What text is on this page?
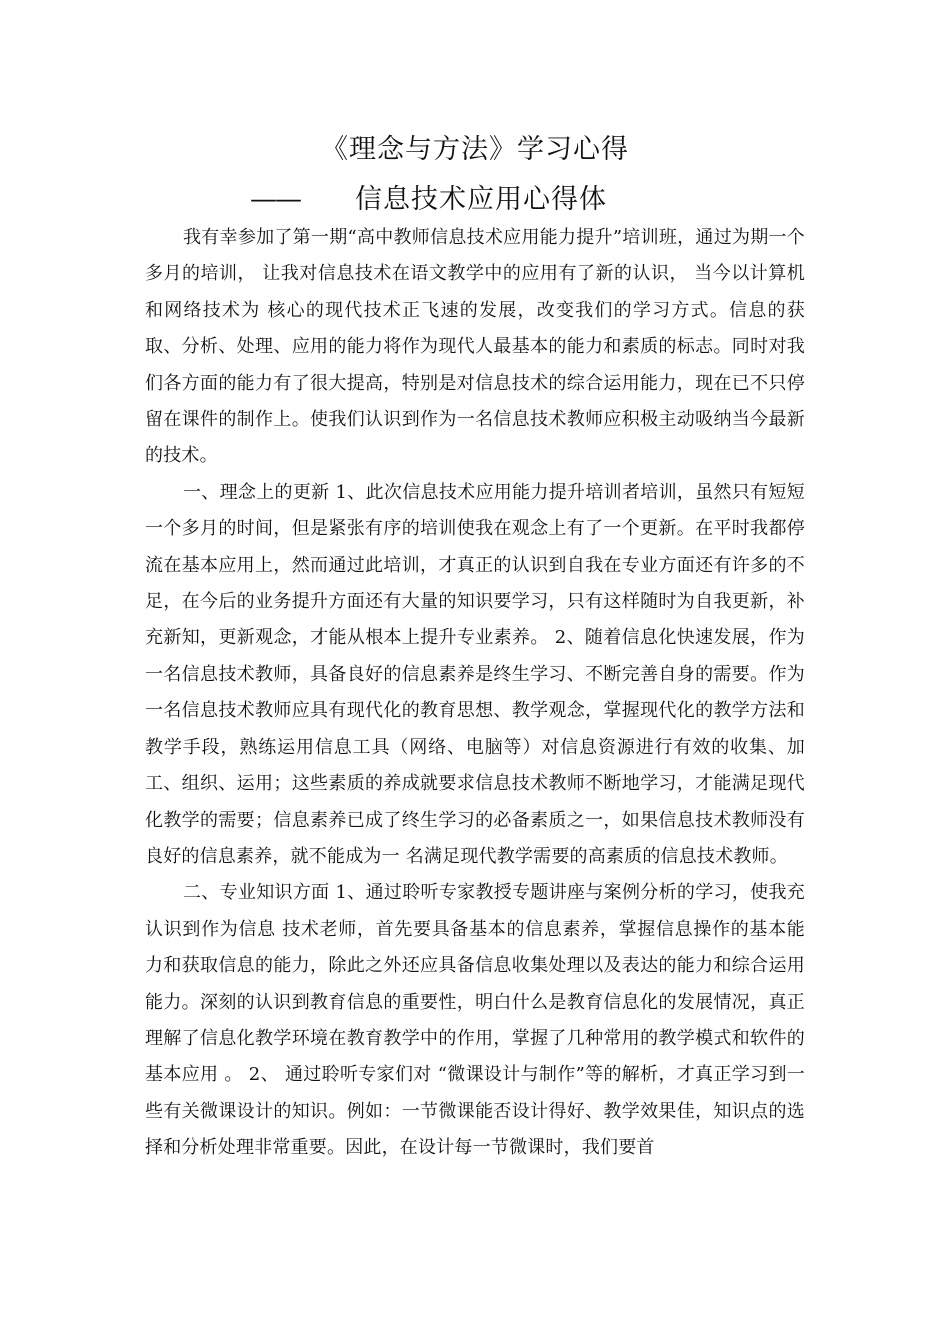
《理念与方法》学习心得
—— 信息技术应用心得体

我有幸参加了第一期“高中教师信息技术应用能力提升”培训班，通过为期一个多月的培训， 让我对信息技术在语文教学中的应用有了新的认识， 当今以计算机和网络技术为 核心的现代技术正飞速的发展，改变我们的学习方式。信息的获取、分析、处理、应用的能力将作为现代人最基本的能力和素质的标志。同时对我们各方面的能力有了很大提高，特别是对信息技术的综合运用能力，现在已不只停留在课件的制作上。使我们认识到作为一名信息技术教师应积极主动吸纳当今最新的技术。

一、理念上的更新 1、此次信息技术应用能力提升培训者培训，虽然只有短短一个多月的时间，但是紧张有序的培训使我在观念上有了一个更新。在平时我都停流在基本应用上，然而通过此培训，才真正的认识到自我在专业方面还有许多的不足，在今后的业务提升方面还有大量的知识要学习，只有这样随时为自我更新，补充新知，更新观念，才能从根本上提升专业素养。 2、随着信息化快速发展，作为一名信息技术教师，具备良好的信息素养是终生学习、不断完善自身的需要。作为一名信息技术教师应具有现代化的教育思想、教学观念，掌握现代化的教学方法和 教学手段，熟练运用信息工具（网络、电脑等）对信息资源进行有效的收集、加工、组织、运用；这些素质的养成就要求信息技术教师不断地学习，才能满足现代化教学的需要；信息素养已成了终生学习的必备素质之一，如果信息技术教师没有良好的信息素养，就不能成为一 名满足现代教学需要的高素质的信息技术教师。

二、专业知识方面 1、通过聆听专家教授专题讲座与案例分析的学习，使我充认识到作为信息 技术老师，首先要具备基本的信息素养，掌握信息操作的基本能力和获取信息的能力，除此之外还应具备信息收集处理以及表达的能力和综合运用能力。深刻的认识到教育信息的重要性，明白什么是教育信息化的发展情况，真正理解了信息化教学环境在教育教学中的作用，掌握了几种常用的教学模式和软件的基本应用 。 2、 通过聆听专家们对 “微课设计与制作”等的解析，才真正学习到一些有关微课设计的知识。例如：一节微课能否设计得好、教学效果佳，知识点的选择和分析处理非常重要。因此，在设计每一节微课时，我们要首
